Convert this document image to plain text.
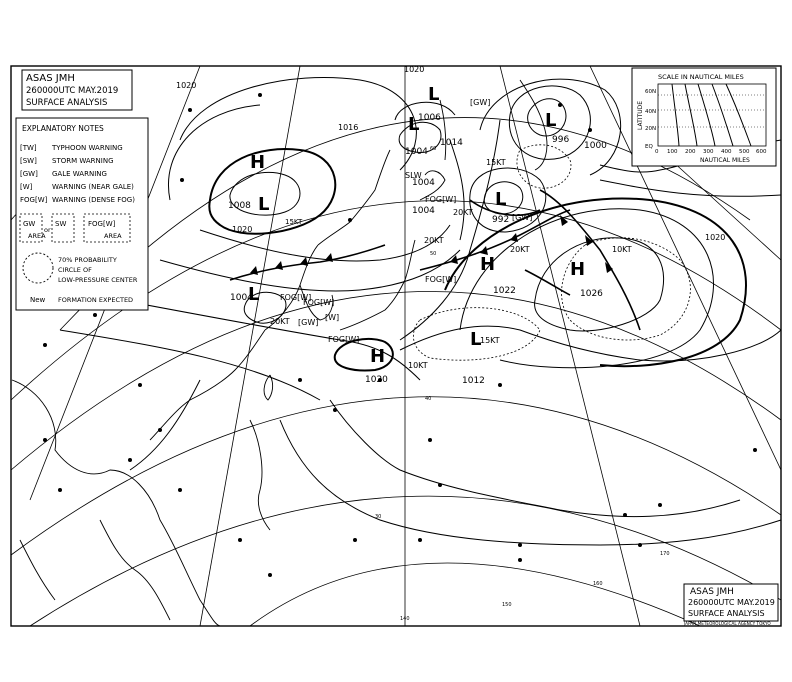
ASAS JMH
260000UTC MAY.2019
SURFACE ANALYSIS
EXPLANATORY NOTES
[TW] TYPHOON WARNING
[SW] STORM WARNING
[GW] GALE WARNING
[W]	WARNING (NEAR GALE)
FOG[W] WARNING (DENSE FOG)
GW
or
SW
AREA
FOG[W]
AREA
70% PROBABILITY
CIRCLE OF
LOW-PRESSURE CENTER
New FORMATION EXPECTED
SCALE IN NAUTICAL MILES
LATITUDE
60N
40N
20N
EQ
0 100 200 300 400 500 600
NAUTICAL MILES
ASAS JMH
260000UTC MAY.2019
SURFACE ANALYSIS
JAPAN METEOROLOGICAL AGENCY TOKYO
H
1026
H
1020
H
1022
H
L
996
L
992
L
1008
L
1004
L
1004
L
L
1012
1006
1014
1004
1004
1000
1020
1020
1020
1020
1016
SLW
FOG[W]
FOG[W]
FOG[W]
FOG[W]
FOG[W]
[GW]
[GW]
[GW]
[W]
20KT
20KT
20KT
20KT
15KT
15KT
10KT
10KT
15KT
140
150
160
170
30
40
50
60
